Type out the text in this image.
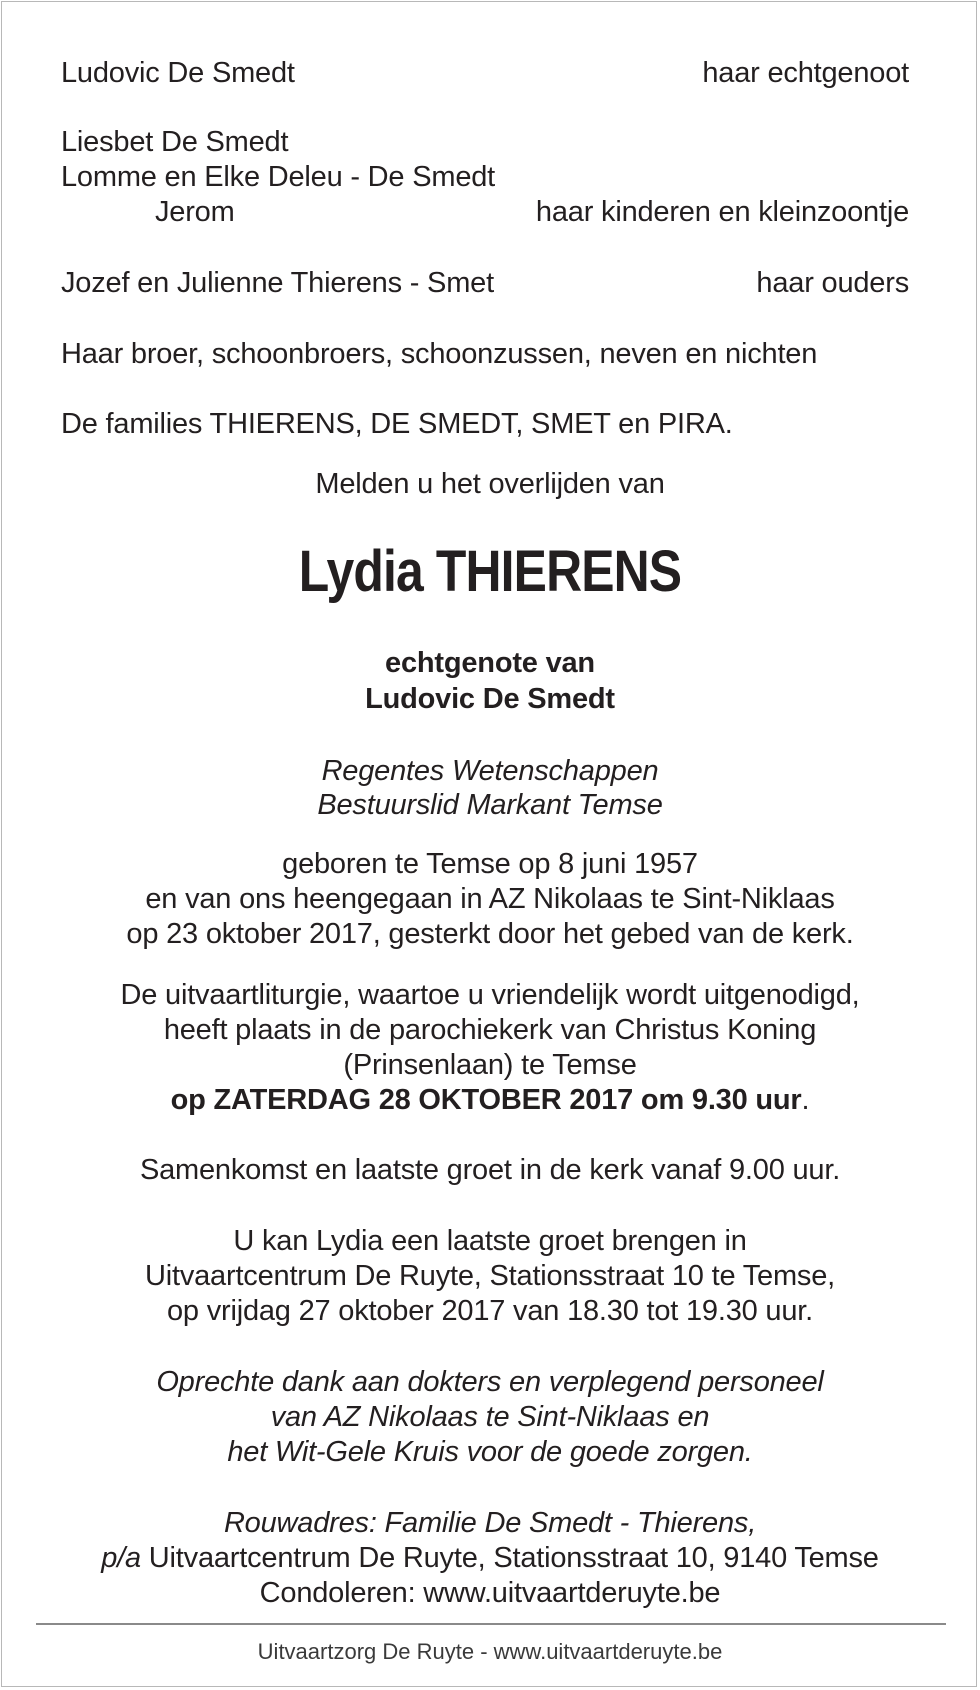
Ludovic De Smedt	haar echtgenoot
Liesbet De Smedt
Lomme en Elke Deleu - De Smedt
Jerom	haar kinderen en kleinzoontje
Jozef en Julienne Thierens - Smet	haar ouders
Haar broer, schoonbroers, schoonzussen, neven en nichten
De families THIERENS, DE SMEDT, SMET en PIRA.
Melden u het overlijden van
Lydia THIERENS
echtgenote van
Ludovic De Smedt
Regentes Wetenschappen
Bestuurslid Markant Temse
geboren te Temse op 8 juni 1957
en van ons heengegaan in AZ Nikolaas te Sint-Niklaas
op 23 oktober 2017, gesterkt door het gebed van de kerk.
De uitvaartliturgie, waartoe u vriendelijk wordt uitgenodigd,
heeft plaats in de parochiekerk van Christus Koning
(Prinsenlaan) te Temse
op ZATERDAG 28 OKTOBER 2017 om 9.30 uur.
Samenkomst en laatste groet in de kerk vanaf 9.00 uur.
U kan Lydia een laatste groet brengen in
Uitvaartcentrum De Ruyte, Stationsstraat 10 te Temse,
op vrijdag 27 oktober 2017 van 18.30 tot 19.30 uur.
Oprechte dank aan dokters en verplegend personeel
van AZ Nikolaas te Sint-Niklaas en
het Wit-Gele Kruis voor de goede zorgen.
Rouwadres: Familie De Smedt - Thierens,
p/a Uitvaartcentrum De Ruyte, Stationsstraat 10, 9140 Temse
Condoleren: www.uitvaartderuyte.be
Uitvaartzorg De Ruyte - www.uitvaartderuyte.be
